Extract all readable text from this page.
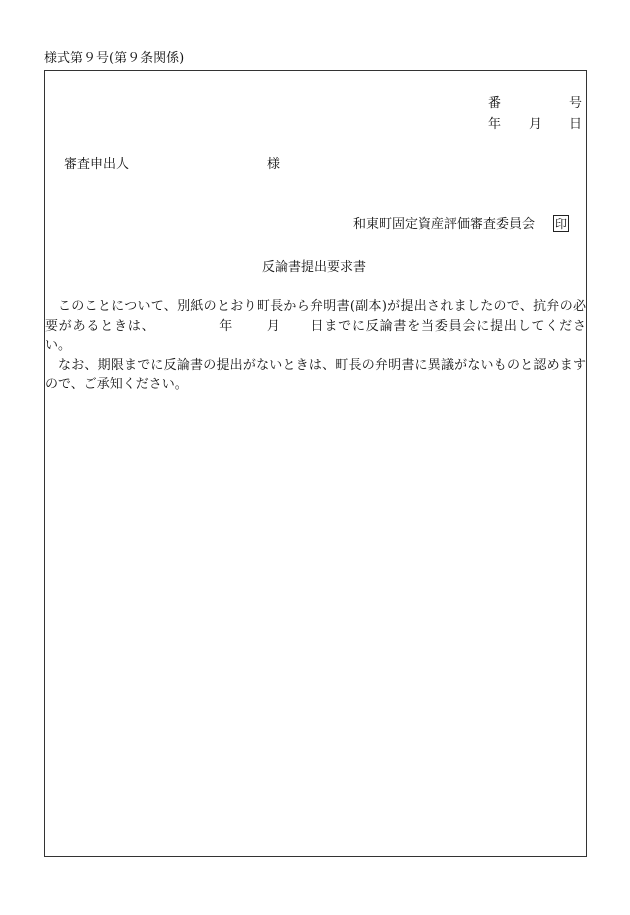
様式第９号(第９条関係)
番	号
年 月 日
審査申出人	様
和東町固定資産評価審査委員会 印
反論書提出要求書

このことについて、別紙のとおり町長から弁明書(副本)が提出されましたので、抗弁の必要があるときは、	年	月 日までに反論書を当委員会に提出してください。

なお、期限までに反論書の提出がないときは、町長の弁明書に異議がないものと認めますので、ご承知ください。
